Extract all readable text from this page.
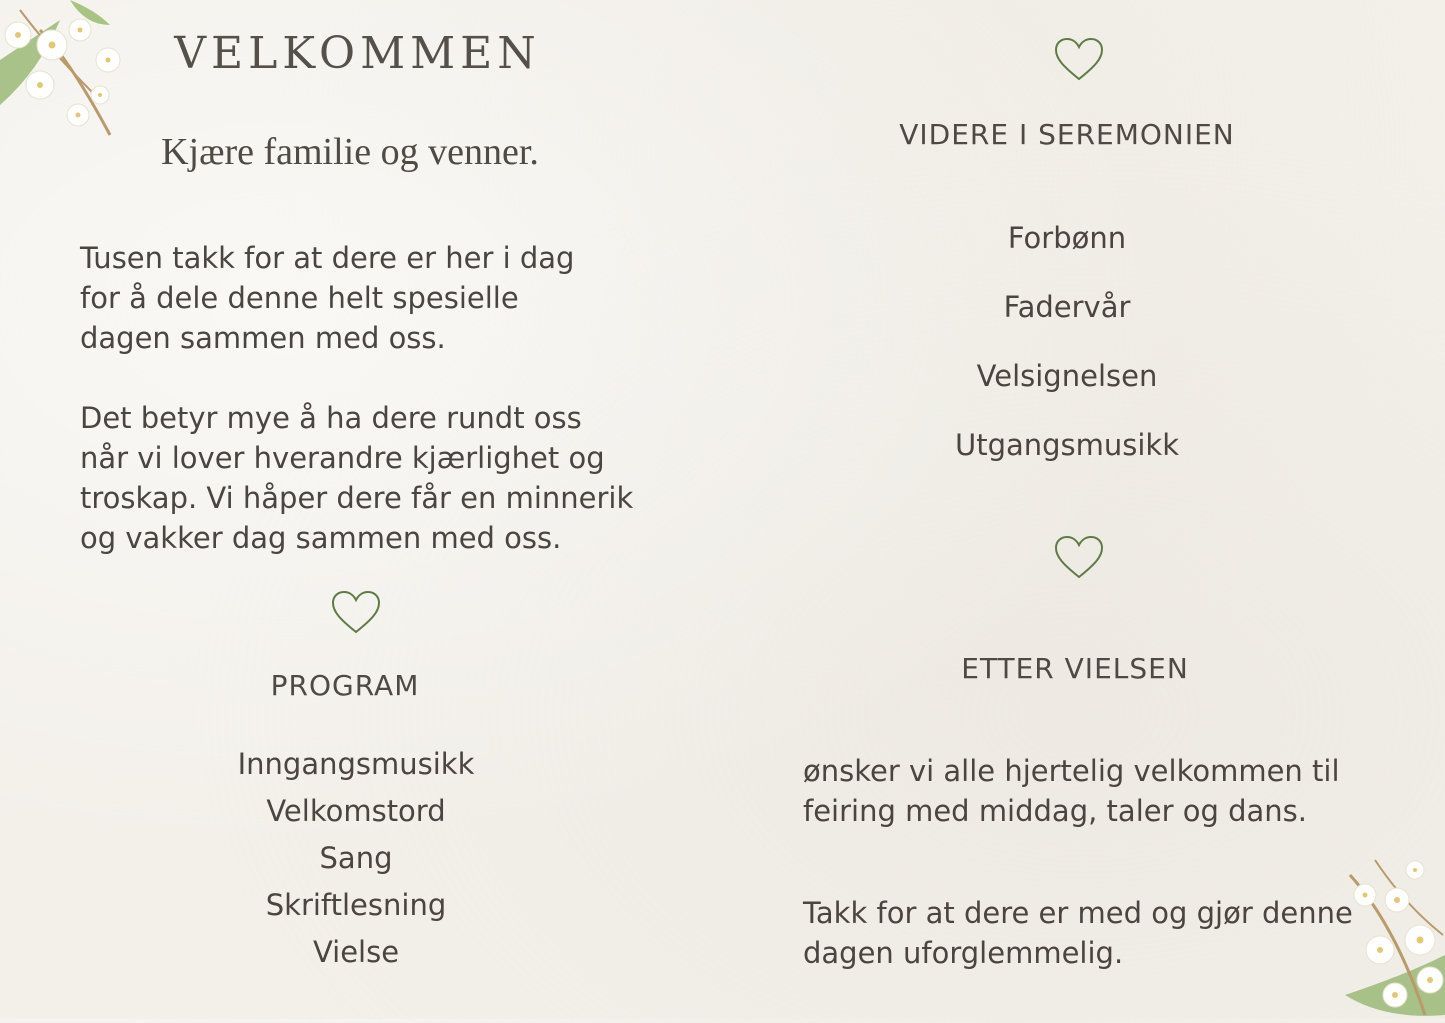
VELKOMMEN
Kjære familie og venner.
Tusen takk for at dere er her i dag
for å dele denne helt spesielle
dagen sammen med oss.
Det betyr mye å ha dere rundt oss
når vi lover hverandre kjærlighet og
troskap. Vi håper dere får en minnerik
og vakker dag sammen med oss.
PROGRAM
Inngangsmusikk
Velkomstord
Sang
Skriftlesning
Vielse
VIDERE I SEREMONIEN
Forbønn
Fadervår
Velsignelsen
Utgangsmusikk
ETTER VIELSEN
ønsker vi alle hjertelig velkommen til
feiring med middag, taler og dans.
Takk for at dere er med og gjør denne
dagen uforglemmelig.
